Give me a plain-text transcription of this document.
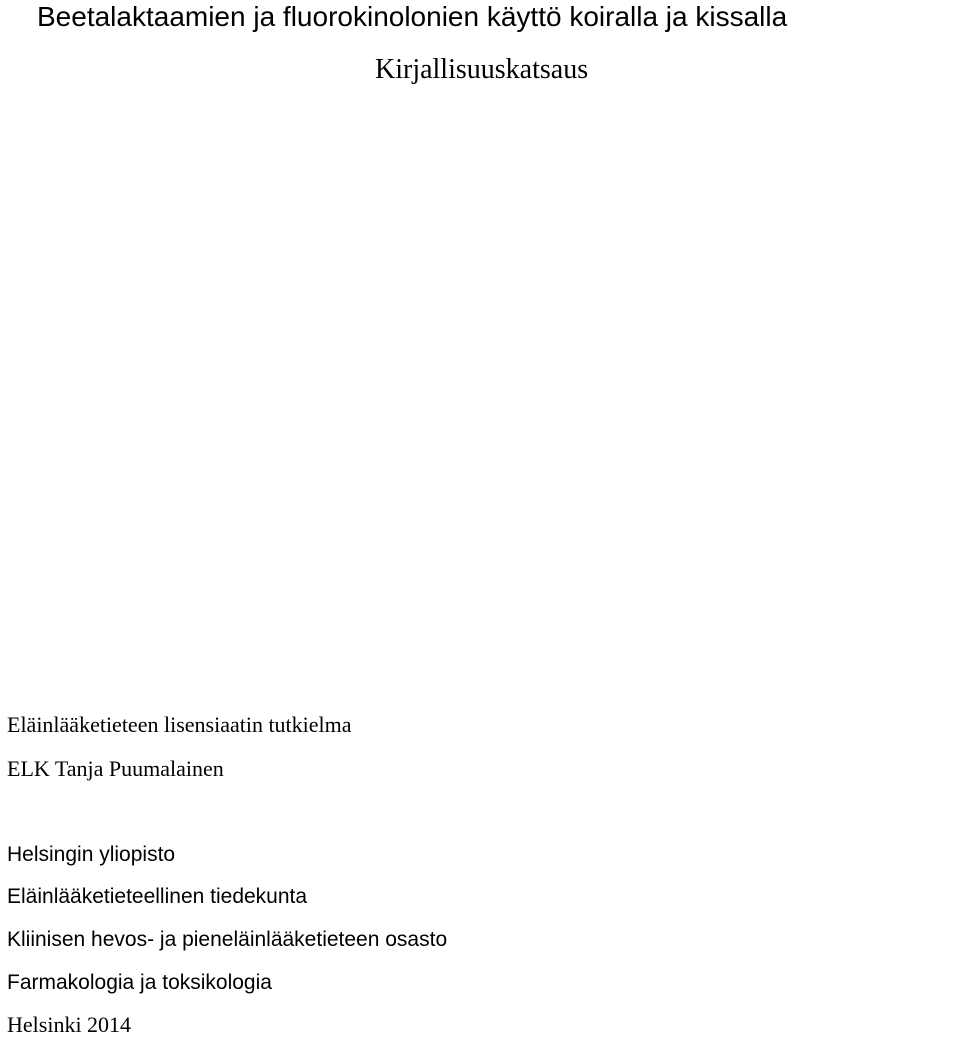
Beetalaktaamien ja fluorokinolonien käyttö koiralla ja kissalla

Kirjallisuuskatsaus

Eläinlääketieteen lisensiaatin tutkielma

ELK Tanja Puumalainen

Helsingin yliopisto

Eläinlääketieteellinen tiedekunta

Kliinisen hevos- ja pieneläinlääketieteen osasto

Farmakologia ja toksikologia

Helsinki 2014
